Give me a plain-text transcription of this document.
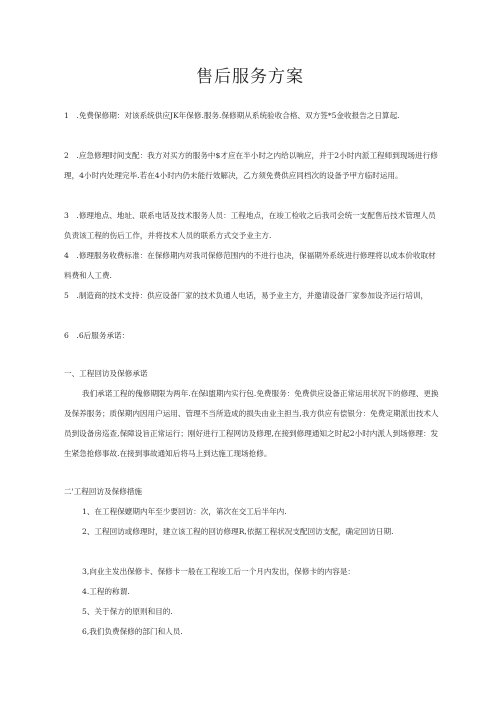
售后服务方案
1　.免费保修期：对该系统供应JK年保修.服务.保修期从系统验收合格、双方签*5金收报告之日算起.
2　.应急修理时间支配：我方对买方的服务中$才应在半小时之内给以响应，并于2小时内派工程师到现场进行修理，4小时内处理完毕.若在4小时内仍未能行效解决，乙方须免费供应同档次的设备予甲方临时运用。
3　.修理地点、地址、联系电话及技术服务人员：工程地点，在竣工检收之后我司会统一支配售后技术管理人员负责该工程的伤后工作，并将技术人员的联系方式交予业主方.
4　.修理服务收费标准：在保修期内对我司保修范围内的不进行也决，保福期外系统进行修理将以成本价收取材料费和人工费.
5　.制造商的技术支持：供应设备厂家的技术负通人电话，易予业主方，并邀请设备厂家参加设齐运行培训，
6　.6后服务承诺：
一、工程回访及保修承诺
我们承诺工程的傀修期限为两年.在保l盥期内实行包.免费服务：免费供应设备正常运用状况下的修理、更换及保养服务；质保期内因用户运用、管理不当所造成的损失由业主担当,我方供应有偿银分：免费定期派出技术人员到设备房巡查,保障设旨正常运行；刚好进行工程网访及修理,在接到修理通知之时起2小时内派人到场修理：发生紧急抢修事故.在接到事故通知后将马上到达施工现场抢修。
二'工程回访及保修措施
1、在工程保嬷期内年至少要回访：次，第次在交工后半年内.
2、工程回访或修理时，建立该工程的回访修理R,依据工程状况支配回访支配，确定回访日期.
3,向业主发出保修卡、保修卡一般在工程竣工后一个月内发出，保修卡的内容是：
4.工程的称谓.
5、关于保方的原则和目的.
6,我们负费保修的部门和人员.
